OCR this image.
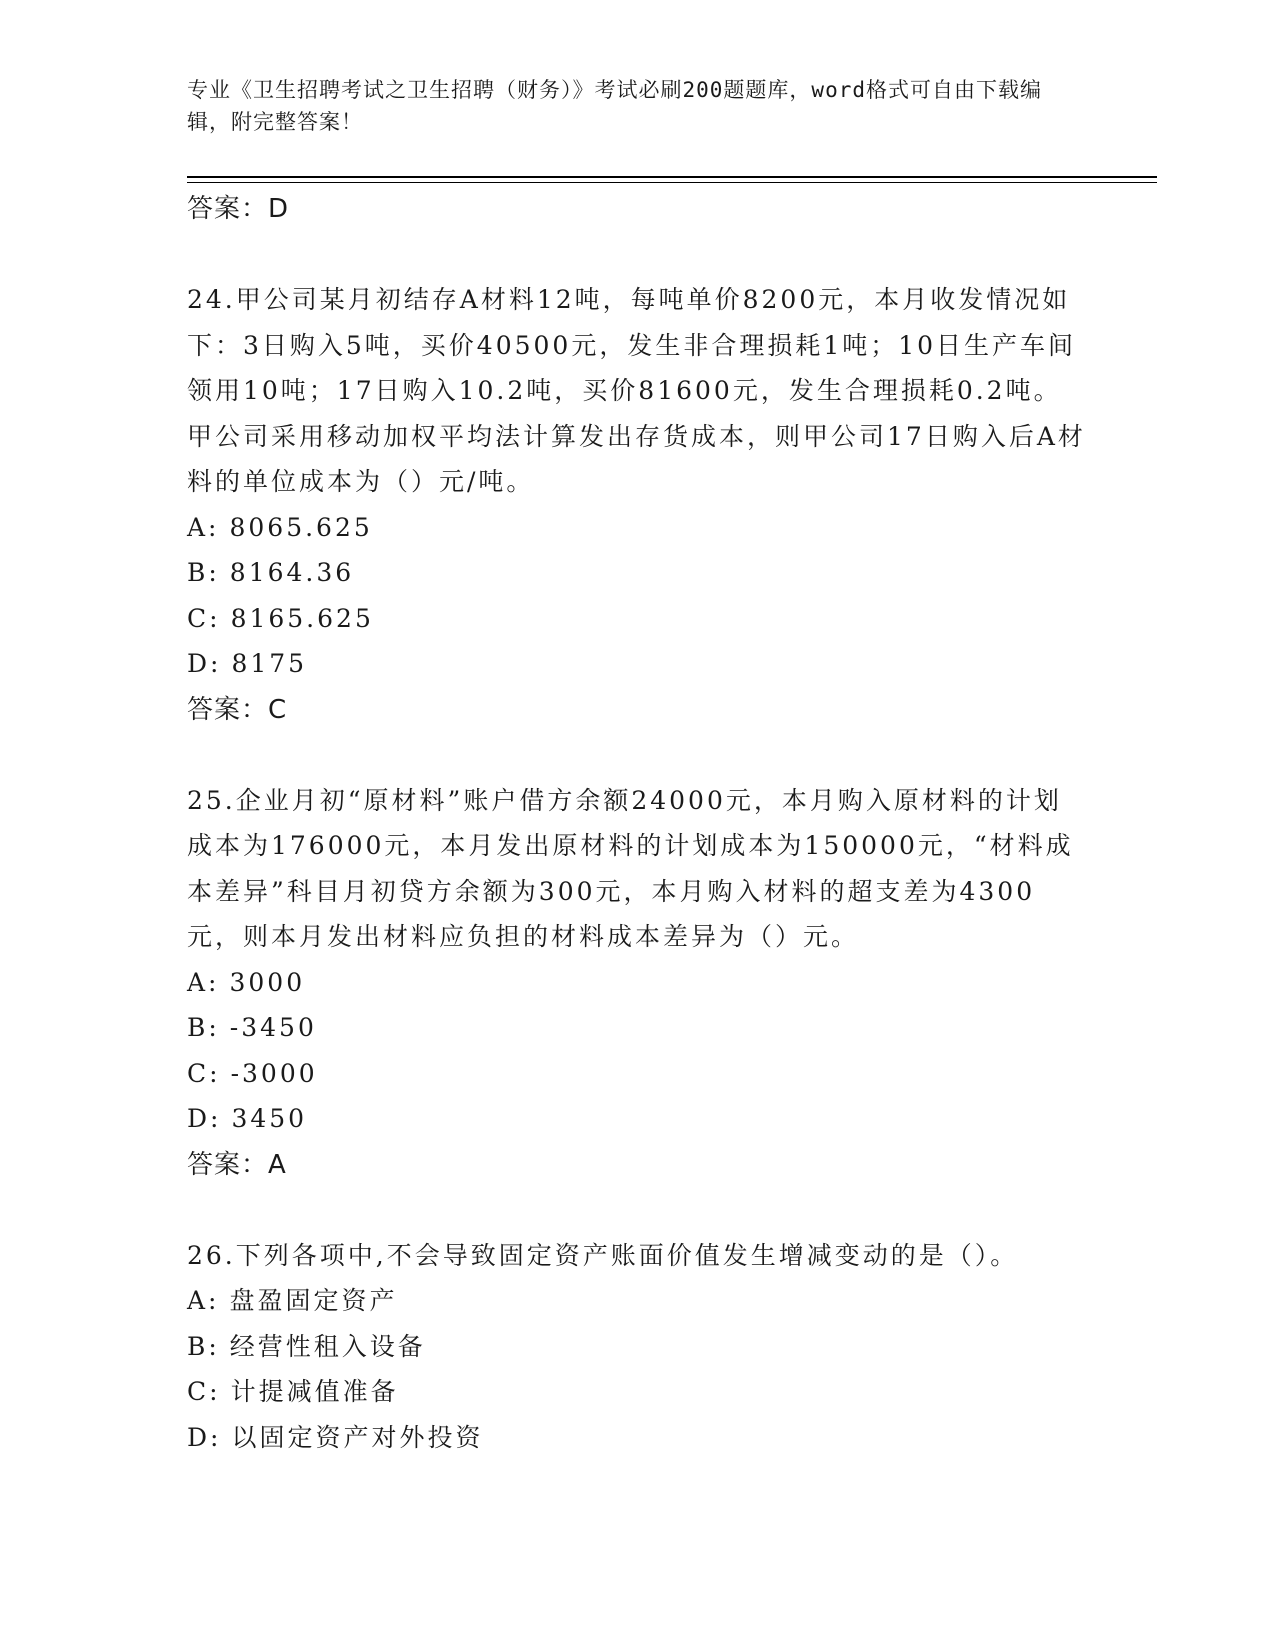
专业《卫生招聘考试之卫生招聘（财务）》考试必刷200题题库，word格式可自由下载编辑，附完整答案！
答案：D

24.甲公司某月初结存A材料12吨，每吨单价8200元，本月收发情况如下：3日购入5吨，买价40500元，发生非合理损耗1吨；10日生产车间领用10吨；17日购入10.2吨，买价81600元，发生合理损耗0.2吨。甲公司采用移动加权平均法计算发出存货成本，则甲公司17日购入后A材料的单位成本为（）元/吨。

A: 8065.625
B: 8164.36
C: 8165.625
D: 8175
答案：C

25.企业月初“原材料”账户借方余额24000元，本月购入原材料的计划成本为176000元，本月发出原材料的计划成本为150000元，“材料成本差异”科目月初贷方余额为300元，本月购入材料的超支差为4300元，则本月发出材料应负担的材料成本差异为（）元。

A: 3000
B: -3450
C: -3000
D: 3450
答案：A

26.下列各项中,不会导致固定资产账面价值发生增减变动的是（）。

A: 盘盈固定资产
B: 经营性租入设备
C: 计提减值准备
D: 以固定资产对外投资
